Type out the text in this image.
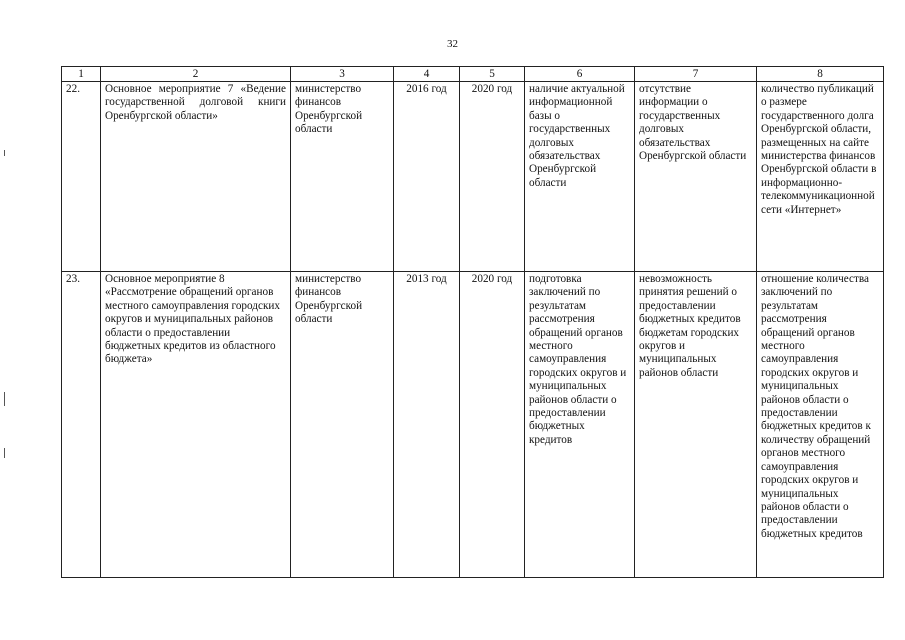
32
1	2	3	4	5	6	7	8
22.	Основное мероприятие 7 «Ведение государственной долговой книги Оренбургской области»	министерство финансов Оренбургской области	2016 год	2020 год	наличие актуальной информационной базы о государственных долговых обязательствах Оренбургской области	отсутствие информации о государственных долговых обязательствах Оренбургской области	количество публикаций о размере государственного долга Оренбургской области, размещенных на сайте министерства финансов Оренбургской области в информационно-телекоммуникационной сети «Интернет»
23.	Основное мероприятие 8 «Рассмотрение обращений органов местного самоуправления городских округов и муниципальных районов области о предоставлении бюджетных кредитов из областного бюджета»	министерство финансов Оренбургской области	2013 год	2020 год	подготовка заключений по результатам рассмотрения обращений органов местного самоуправления городских округов и муниципальных районов области о предоставлении бюджетных кредитов	невозможность принятия решений о предоставлении бюджетных кредитов бюджетам городских округов и муниципальных районов области	отношение количества заключений по результатам рассмотрения обращений органов местного самоуправления городских округов и муниципальных районов области о предоставлении бюджетных кредитов к количеству обращений органов местного самоуправления городских округов и муниципальных районов области о предоставлении бюджетных кредитов
